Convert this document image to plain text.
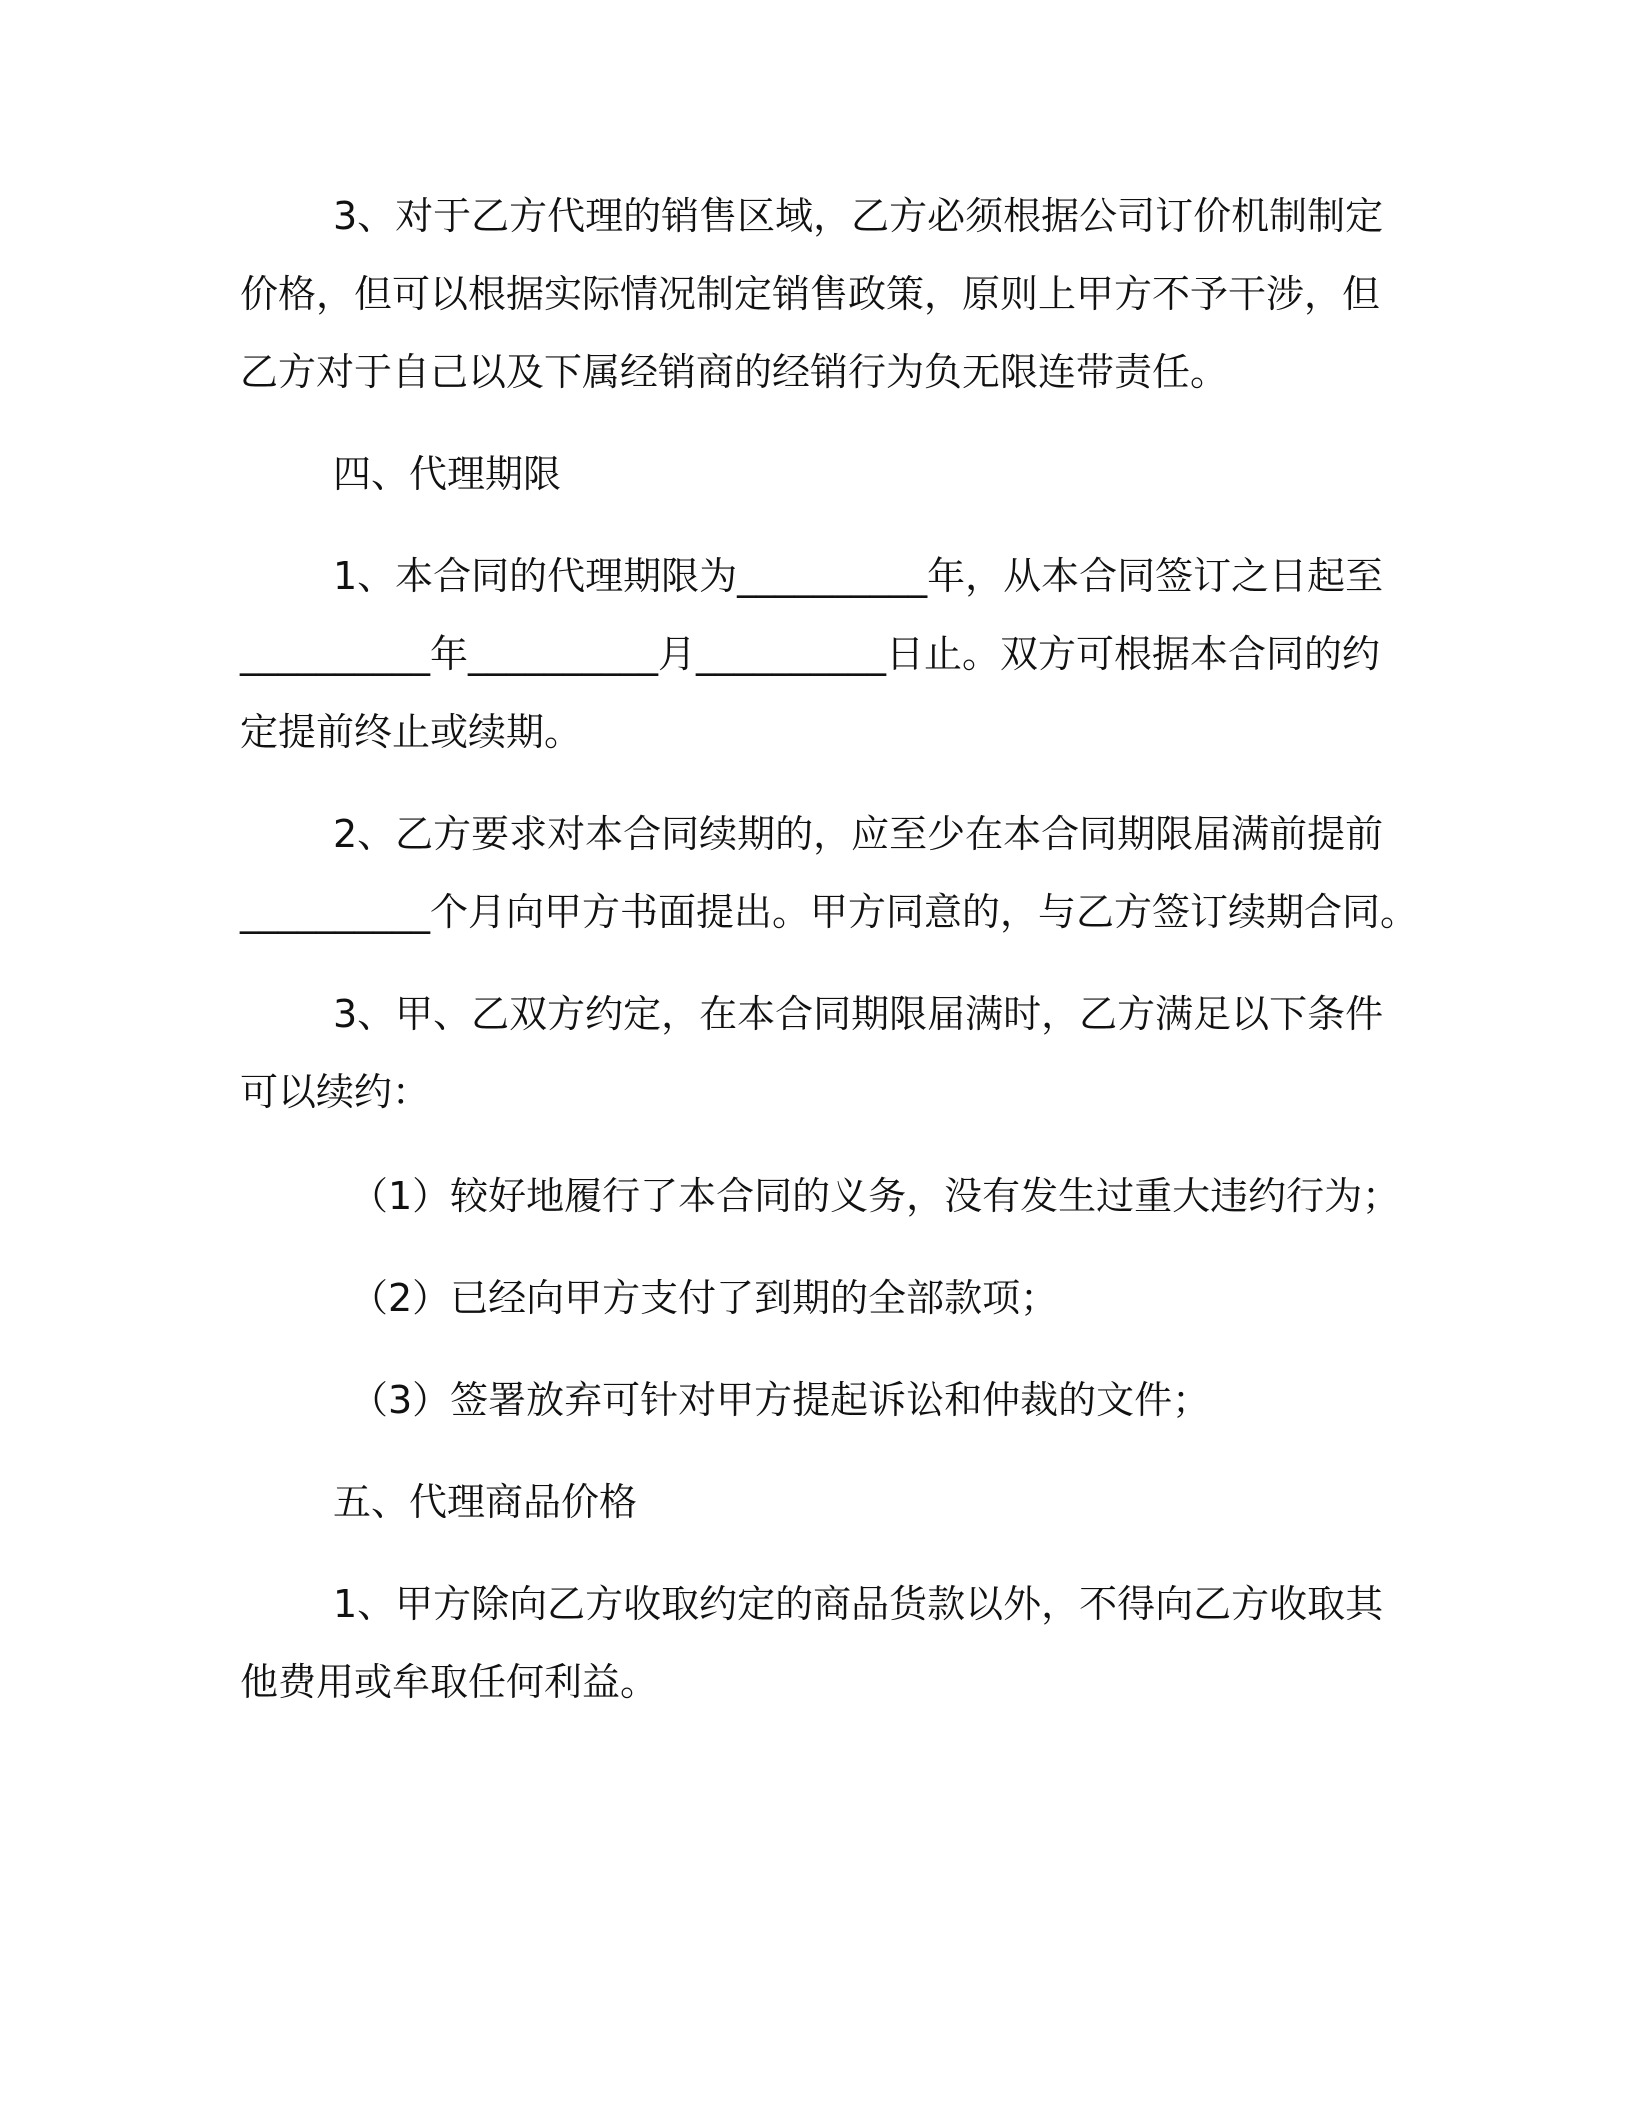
3、对于乙方代理的销售区域，乙方必须根据公司订价机制制定
价格，但可以根据实际情况制定销售政策，原则上甲方不予干涉，但
乙方对于自己以及下属经销商的经销行为负无限连带责任。
四、代理期限
1、本合同的代理期限为__________年，从本合同签订之日起至
__________年__________月__________日止。双方可根据本合同的约
定提前终止或续期。
2、乙方要求对本合同续期的，应至少在本合同期限届满前提前
__________个月向甲方书面提出。甲方同意的，与乙方签订续期合同。
3、甲、乙双方约定，在本合同期限届满时，乙方满足以下条件
可以续约：
（1）较好地履行了本合同的义务，没有发生过重大违约行为；
（2）已经向甲方支付了到期的全部款项；
（3）签署放弃可针对甲方提起诉讼和仲裁的文件；
五、代理商品价格
1、甲方除向乙方收取约定的商品货款以外，不得向乙方收取其
他费用或牟取任何利益。
